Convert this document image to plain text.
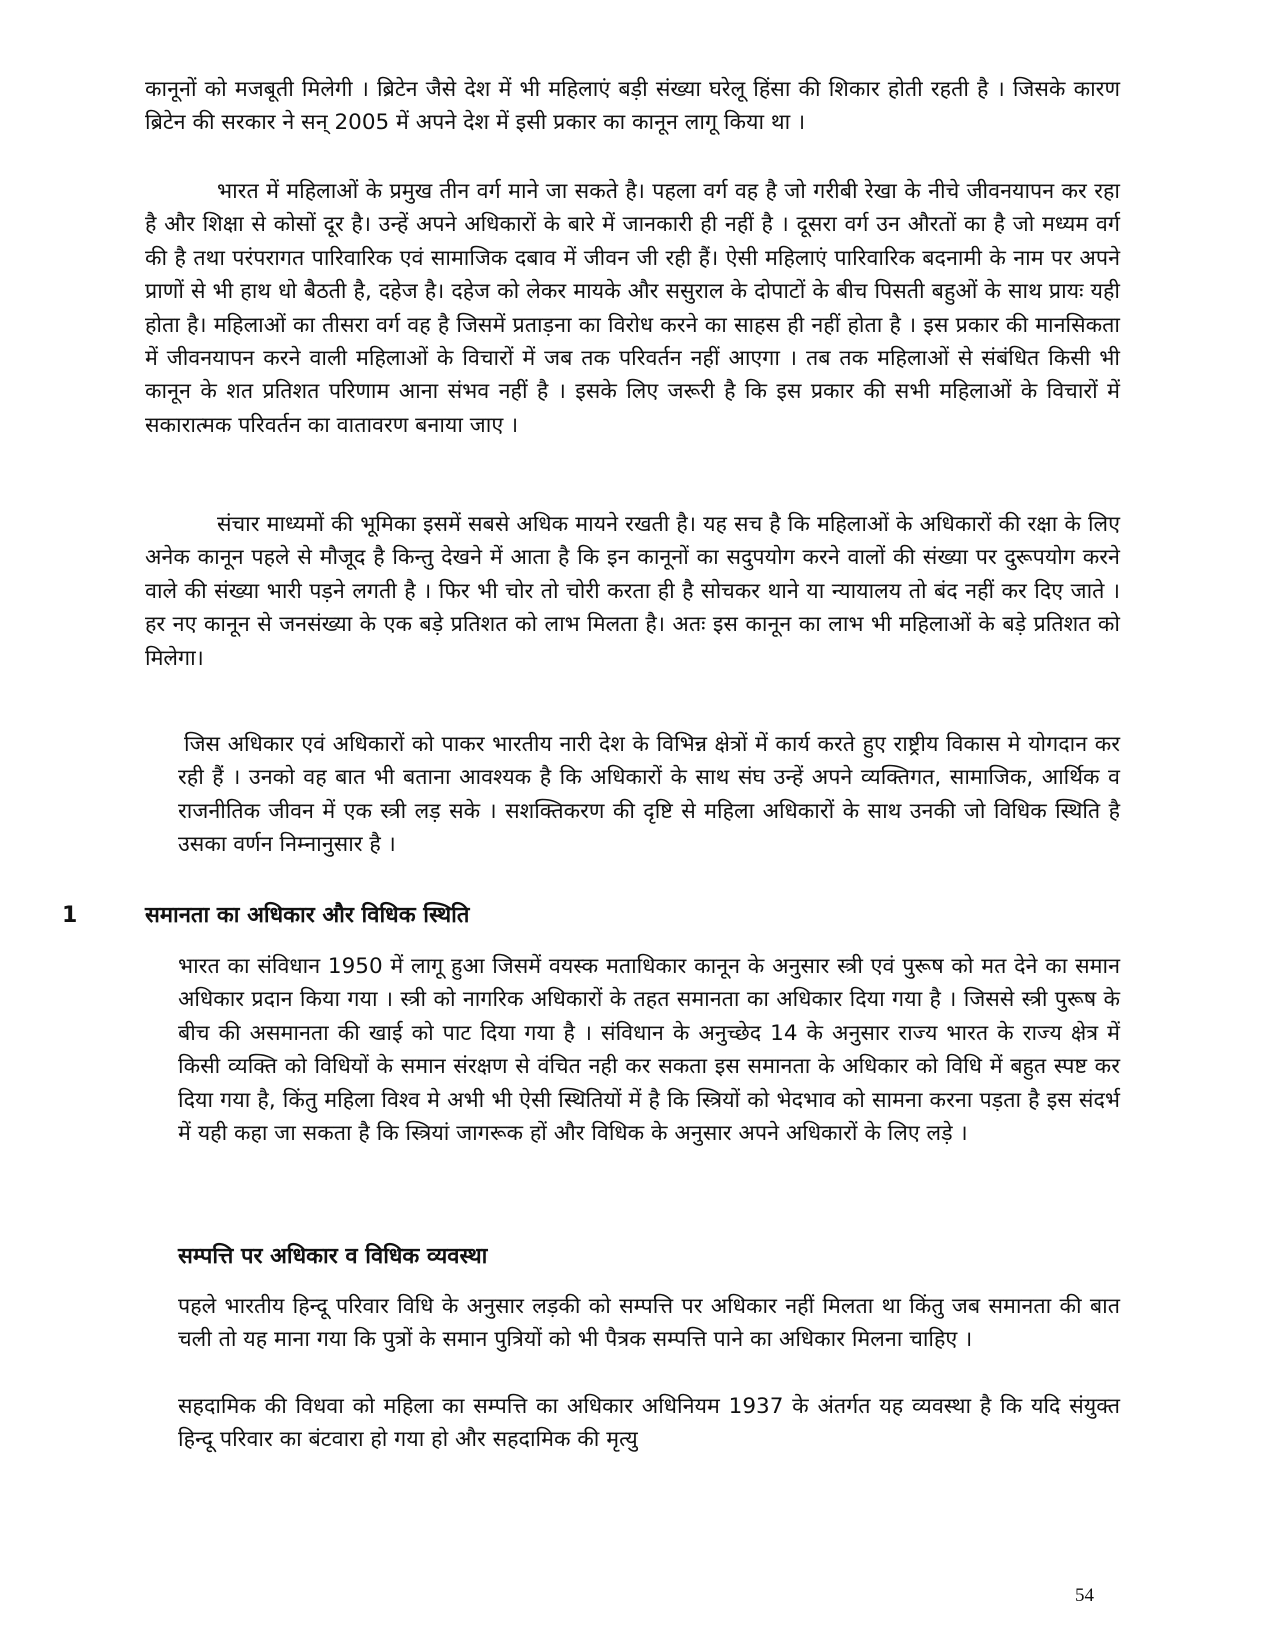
कानूनों को मजबूती मिलेगी । ब्रिटेन जैसे देश में भी महिलाएं बड़ी संख्या घरेलू हिंसा की शिकार होती रहती है । जिसके कारण ब्रिटेन की सरकार ने सन् 2005 में अपने देश में इसी प्रकार का कानून लागू किया था ।

भारत में महिलाओं के प्रमुख तीन वर्ग माने जा सकते है। पहला वर्ग वह है जो गरीबी रेखा के नीचे जीवनयापन कर रहा है और शिक्षा से कोसों दूर है। उन्हें अपने अधिकारों के बारे में जानकारी ही नहीं है । दूसरा वर्ग उन औरतों का है जो मध्यम वर्ग की है तथा परंपरागत पारिवारिक एवं सामाजिक दबाव में जीवन जी रही हैं। ऐसी महिलाएं पारिवारिक बदनामी के नाम पर अपने प्राणों से भी हाथ धो बैठती है, दहेज है। दहेज को लेकर मायके और ससुराल के दोपाटों के बीच पिसती बहुओं के साथ प्रायः यही होता है। महिलाओं का तीसरा वर्ग वह है जिसमें प्रताड़ना का विरोध करने का साहस ही नहीं होता है । इस प्रकार की मानसिकता में जीवनयापन करने वाली महिलाओं के विचारों में जब तक परिवर्तन नहीं आएगा । तब तक महिलाओं से संबंधित किसी भी कानून के शत प्रतिशत परिणाम आना संभव नहीं है । इसके लिए जरूरी है कि इस प्रकार की सभी महिलाओं के विचारों में सकारात्मक परिवर्तन का वातावरण बनाया जाए ।

संचार माध्यमों की भूमिका इसमें सबसे अधिक मायने रखती है। यह सच है कि महिलाओं के अधिकारों की रक्षा के लिए अनेक कानून पहले से मौजूद है किन्तु देखने में आता है कि इन कानूनों का सदुपयोग करने वालों की संख्या पर दुरूपयोग करने वाले की संख्या भारी पड़ने लगती है । फिर भी चोर तो चोरी करता ही है सोचकर थाने या न्यायालय तो बंद नहीं कर दिए जाते । हर नए कानून से जनसंख्या के एक बड़े प्रतिशत को लाभ मिलता है। अतः इस कानून का लाभ भी महिलाओं के बड़े प्रतिशत को मिलेगा।

जिस अधिकार एवं अधिकारों को पाकर भारतीय नारी देश के विभिन्न क्षेत्रों में कार्य करते हुए राष्ट्रीय विकास मे योगदान कर रही हैं । उनको वह बात भी बताना आवश्यक है कि अधिकारों के साथ संघ उन्हें अपने व्यक्तिगत, सामाजिक, आर्थिक व राजनीतिक जीवन में एक स्त्री लड़ सके । सशक्तिकरण की दृष्टि से महिला अधिकारों के साथ उनकी जो विधिक स्थिति है उसका वर्णन निम्नानुसार है ।

1	समानता का अधिकार और विधिक स्थिति

भारत का संविधान 1950 में लागू हुआ जिसमें वयस्क मताधिकार कानून के अनुसार स्त्री एवं पुरूष को मत देने का समान अधिकार प्रदान किया गया । स्त्री को नागरिक अधिकारों के तहत समानता का अधिकार दिया गया है । जिससे स्त्री पुरूष के बीच की असमानता की खाई को पाट दिया गया है । संविधान के अनुच्छेद 14 के अनुसार राज्य भारत के राज्य क्षेत्र में किसी व्यक्ति को विधियों के समान संरक्षण से वंचित नही कर सकता इस समानता के अधिकार को विधि में बहुत स्पष्ट कर दिया गया है, किंतु महिला विश्व मे अभी भी ऐसी स्थितियों में है कि स्त्रियों को भेदभाव को सामना करना पड़ता है इस संदर्भ में यही कहा जा सकता है कि स्त्रियां जागरूक हों और विधिक के अनुसार अपने अधिकारों के लिए लड़े ।

सम्पत्ति पर अधिकार व विधिक व्यवस्था

पहले भारतीय हिन्दू परिवार विधि के अनुसार लड़की को सम्पत्ति पर अधिकार नहीं मिलता था किंतु जब समानता की बात चली तो यह माना गया कि पुत्रों के समान पुत्रियों को भी पैत्रक सम्पत्ति पाने का अधिकार मिलना चाहिए ।

सहदामिक की विधवा को महिला का सम्पत्ति का अधिकार अधिनियम 1937 के अंतर्गत यह व्यवस्था है कि यदि संयुक्त हिन्दू परिवार का बंटवारा हो गया हो और सहदामिक की मृत्यु

54
